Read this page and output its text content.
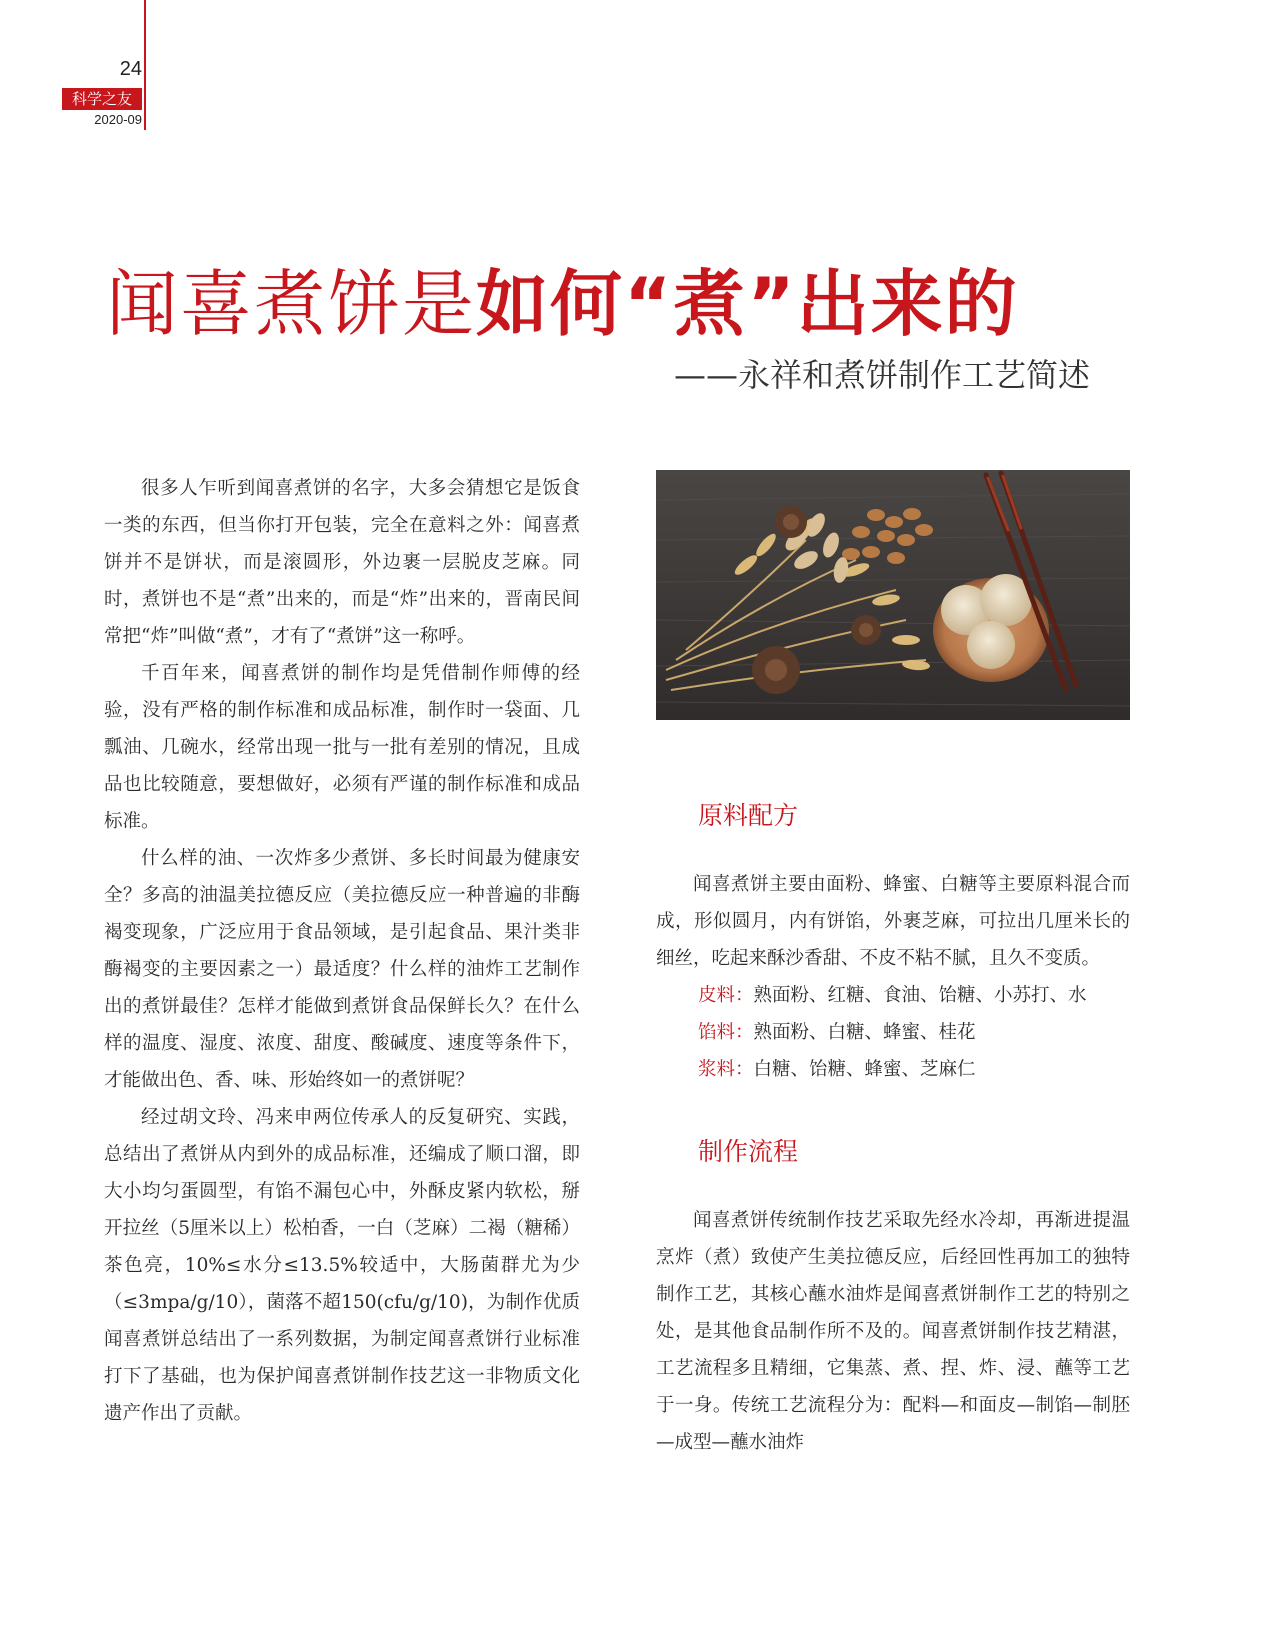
24
科学之友
2020-09
闻喜煮饼是如何“煮”出来的
——永祥和煮饼制作工艺简述

很多人乍听到闻喜煮饼的名字，大多会猜想它是饭食一类的东西，但当你打开包装，完全在意料之外：闻喜煮饼并不是饼状，而是滚圆形，外边裹一层脱皮芝麻。同时，煮饼也不是“煮”出来的，而是“炸”出来的，晋南民间常把“炸”叫做“煮”，才有了“煮饼”这一称呼。

千百年来，闻喜煮饼的制作均是凭借制作师傅的经验，没有严格的制作标准和成品标准，制作时一袋面、几瓢油、几碗水，经常出现一批与一批有差别的情况，且成品也比较随意，要想做好，必须有严谨的制作标准和成品标准。

什么样的油、一次炸多少煮饼、多长时间最为健康安全？多高的油温美拉德反应（美拉德反应一种普遍的非酶褐变现象，广泛应用于食品领域，是引起食品、果汁类非酶褐变的主要因素之一）最适度？什么样的油炸工艺制作出的煮饼最佳？怎样才能做到煮饼食品保鲜长久？在什么样的温度、湿度、浓度、甜度、酸碱度、速度等条件下，才能做出色、香、味、形始终如一的煮饼呢？

经过胡文玲、冯来申两位传承人的反复研究、实践，总结出了煮饼从内到外的成品标准，还编成了顺口溜，即大小均匀蛋圆型，有馅不漏包心中，外酥皮紧内软松，掰开拉丝（5厘米以上）松柏香，一白（芝麻）二褐（糖稀）茶色亮，10%≤水分≤13.5%较适中，大肠菌群尤为少（≤3mpa/g/10），菌落不超150(cfu/g/10)，为制作优质闻喜煮饼总结出了一系列数据，为制定闻喜煮饼行业标准打下了基础，也为保护闻喜煮饼制作技艺这一非物质文化遗产作出了贡献。

原料配方

闻喜煮饼主要由面粉、蜂蜜、白糖等主要原料混合而成，形似圆月，内有饼馅，外裹芝麻，可拉出几厘米长的细丝，吃起来酥沙香甜、不皮不粘不腻，且久不变质。

皮料：熟面粉、红糖、食油、饴糖、小苏打、水

馅料：熟面粉、白糖、蜂蜜、桂花

浆料：白糖、饴糖、蜂蜜、芝麻仁

制作流程

闻喜煮饼传统制作技艺采取先经水冷却，再渐进提温烹炸（煮）致使产生美拉德反应，后经回性再加工的独特制作工艺，其核心蘸水油炸是闻喜煮饼制作工艺的特别之处，是其他食品制作所不及的。闻喜煮饼制作技艺精湛，工艺流程多且精细，它集蒸、煮、捏、炸、浸、蘸等工艺于一身。传统工艺流程分为：配料—和面皮—制馅—制胚—成型—蘸水油炸
